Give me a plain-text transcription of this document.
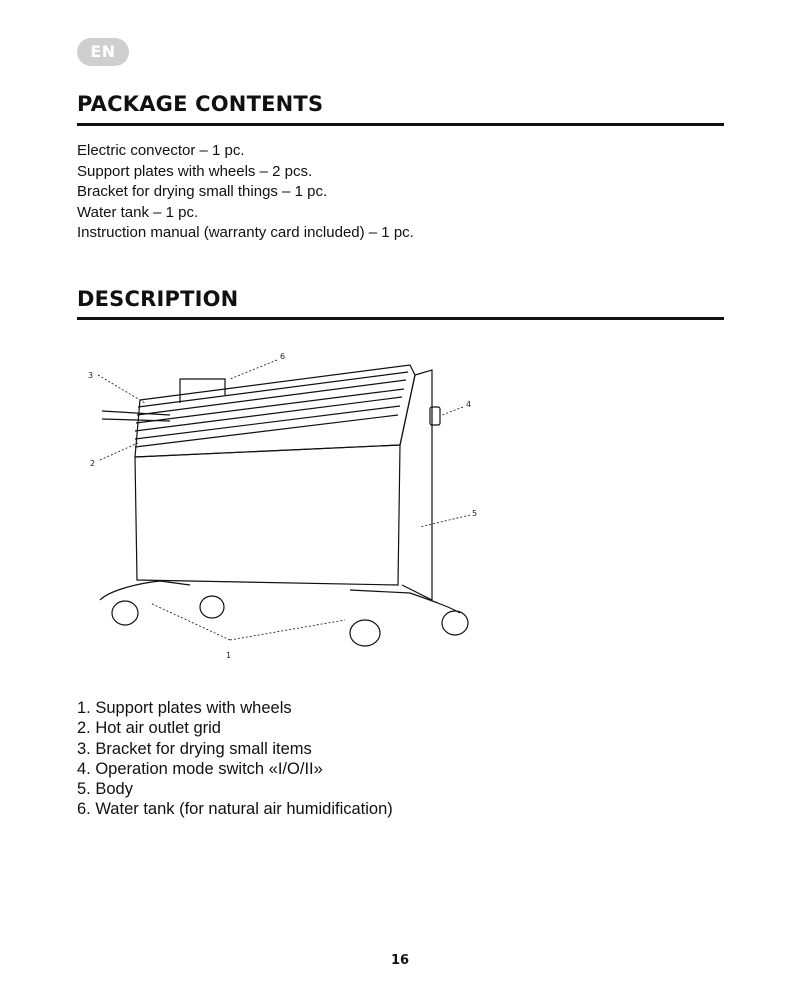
EN
PACKAGE CONTENTS
Electric convector – 1 pc.
Support plates with wheels – 2 pcs.
Bracket for drying small things – 1 pc.
Water tank – 1 pc.
Instruction manual (warranty card included) – 1 pc.
DESCRIPTION
1
2
3
4
5
6
1. Support plates with wheels
2. Hot air outlet grid
3. Bracket for drying small items
4. Operation mode switch «I/O/II»
5. Body
6. Water tank (for natural air humidification)
16
